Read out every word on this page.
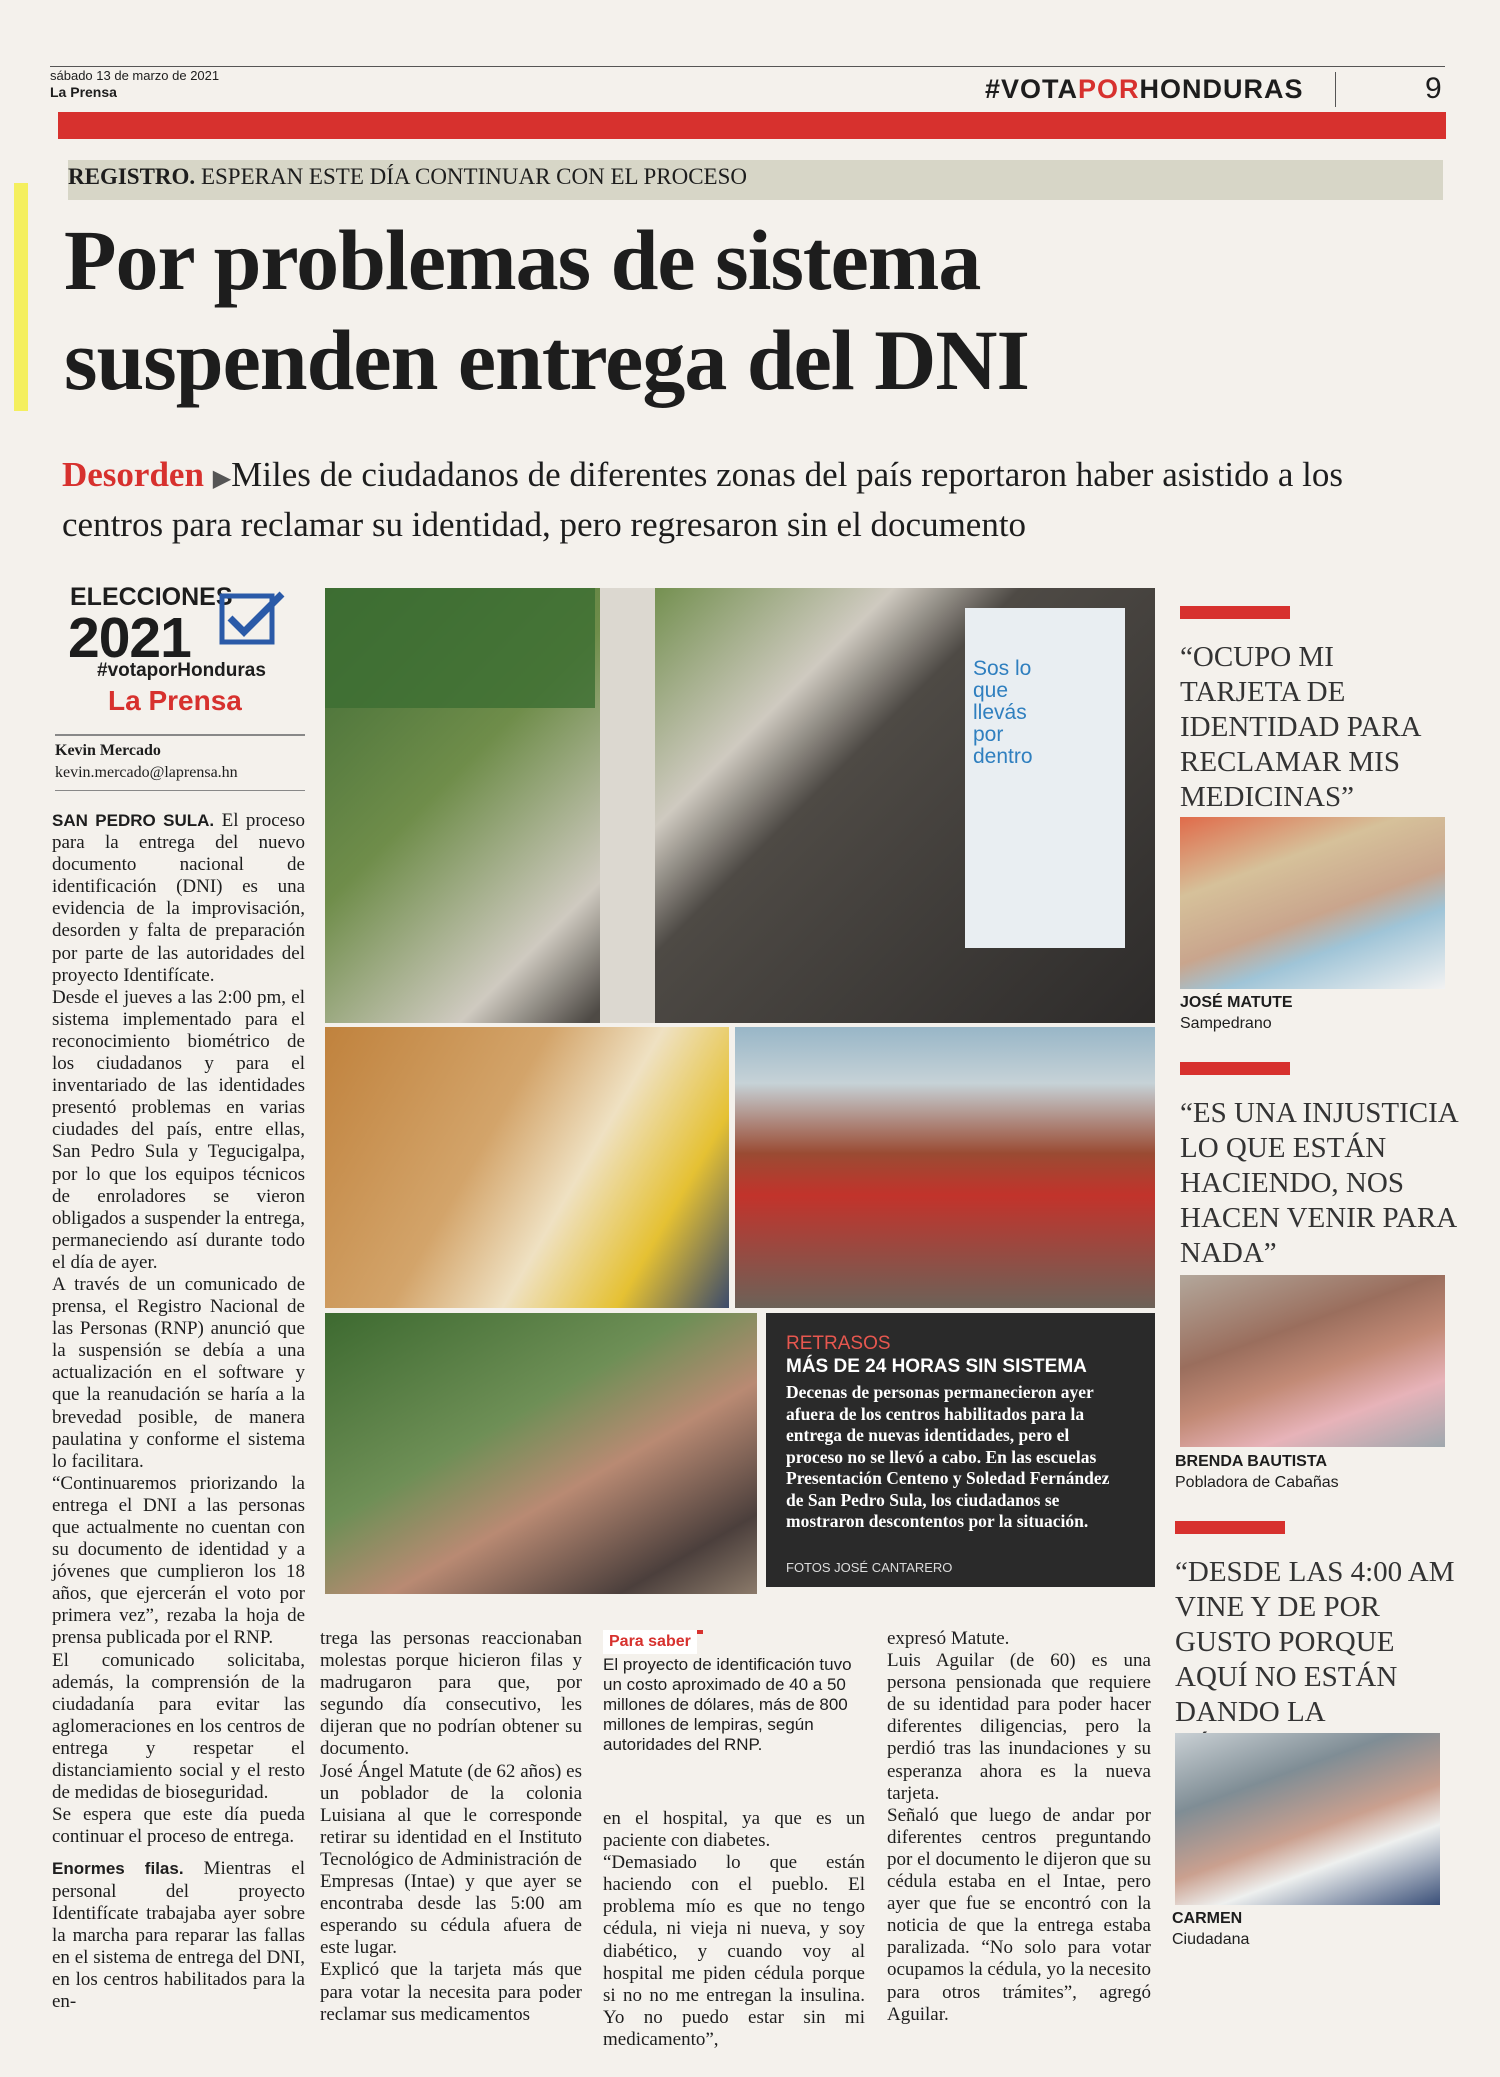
sábado 13 de marzo de 2021
La Prensa	#VOTAPORHONDURAS	9
REGISTRO. ESPERAN ESTE DÍA CONTINUAR CON EL PROCESO
Por problemas de sistema
suspenden entrega del DNI
Desorden ▶Miles de ciudadanos de diferentes zonas del país reportaron haber asistido a los centros para reclamar su identidad, pero regresaron sin el documento
ELECCIONES
2021
#votaporHonduras
La Prensa
Kevin Mercado
kevin.mercado@laprensa.hn

SAN PEDRO SULA. El proceso para la entrega del nuevo documento nacional de identificación (DNI) es una evidencia de la improvisación, desorden y falta de preparación por parte de las autoridades del proyecto Identifícate.

Desde el jueves a las 2:00 pm, el sistema implementado para el reconocimiento biométrico de los ciudadanos y para el inventariado de las identidades presentó problemas en varias ciudades del país, entre ellas, San Pedro Sula y Tegucigalpa, por lo que los equipos técnicos de enroladores se vieron obligados a suspender la entrega, permaneciendo así durante todo el día de ayer.

A través de un comunicado de prensa, el Registro Nacional de las Personas (RNP) anunció que la suspensión se debía a una actualización en el software y que la reanudación se haría a la brevedad posible, de manera paulatina y conforme el sistema lo facilitara.

“Continuaremos priorizando la entrega el DNI a las personas que actualmente no cuentan con su documento de identidad y a jóvenes que cumplieron los 18 años, que ejercerán el voto por primera vez”, rezaba la hoja de prensa publicada por el RNP.

El comunicado solicitaba, además, la comprensión de la ciudadanía para evitar las aglomeraciones en los centros de entrega y respetar el distanciamiento social y el resto de medidas de bioseguridad.

Se espera que este día pueda continuar el proceso de entrega.

Enormes filas. Mientras el personal del proyecto Identifícate trabajaba ayer sobre la marcha para reparar las fallas en el sistema de entrega del DNI, en los centros habilitados para la en-

Sos lo que llevás por dentro
RETRASOS
MÁS DE 24 HORAS SIN SISTEMA
Decenas de personas permanecieron ayer afuera de los centros habilitados para la entrega de nuevas identidades, pero el proceso no se llevó a cabo. En las escuelas Presentación Centeno y Soledad Fernández de San Pedro Sula, los ciudadanos se mostraron descontentos por la situación.
FOTOS JOSÉ CANTARERO

trega las personas reaccionaban molestas porque hicieron filas y madrugaron para que, por segundo día consecutivo, les dijeran que no podrían obtener su documento.

José Ángel Matute (de 62 años) es un poblador de la colonia Luisiana al que le corresponde retirar su identidad en el Instituto Tecnológico de Administración de Empresas (Intae) y que ayer se encontraba desde las 5:00 am esperando su cédula afuera de este lugar.

Explicó que la tarjeta más que para votar la necesita para poder reclamar sus medicamentos

Para saber
El proyecto de identificación tuvo un costo aproximado de 40 a 50 millones de dólares, más de 800 millones de lempiras, según autoridades del RNP.

en el hospital, ya que es un paciente con diabetes.

“Demasiado lo que están haciendo con el pueblo. El problema mío es que no tengo cédula, ni vieja ni nueva, y soy diabético, y cuando voy al hospital me piden cédula porque si no no me entregan la insulina. Yo no puedo estar sin mi medicamento”,

expresó Matute.

Luis Aguilar (de 60) es una persona pensionada que requiere de su identidad para poder hacer diferentes diligencias, pero la perdió tras las inundaciones y su esperanza ahora es la nueva tarjeta.

Señaló que luego de andar por diferentes centros preguntando por el documento le dijeron que su cédula estaba en el Intae, pero ayer que fue se encontró con la noticia de que la entrega estaba paralizada. “No solo para votar ocupamos la cédula, yo la necesito para otros trámites”, agregó Aguilar.

“OCUPO MI TARJETA DE IDENTIDAD PARA RECLAMAR MIS MEDICINAS”
JOSÉ MATUTE
Sampedrano
“ES UNA INJUSTICIA LO QUE ESTÁN HACIENDO, NOS HACEN VENIR PARA NADA”
BRENDA BAUTISTA
Pobladora de Cabañas
“DESDE LAS 4:00 AM VINE Y DE POR GUSTO PORQUE AQUÍ NO ESTÁN DANDO LA
CARMEN
Ciudadana
